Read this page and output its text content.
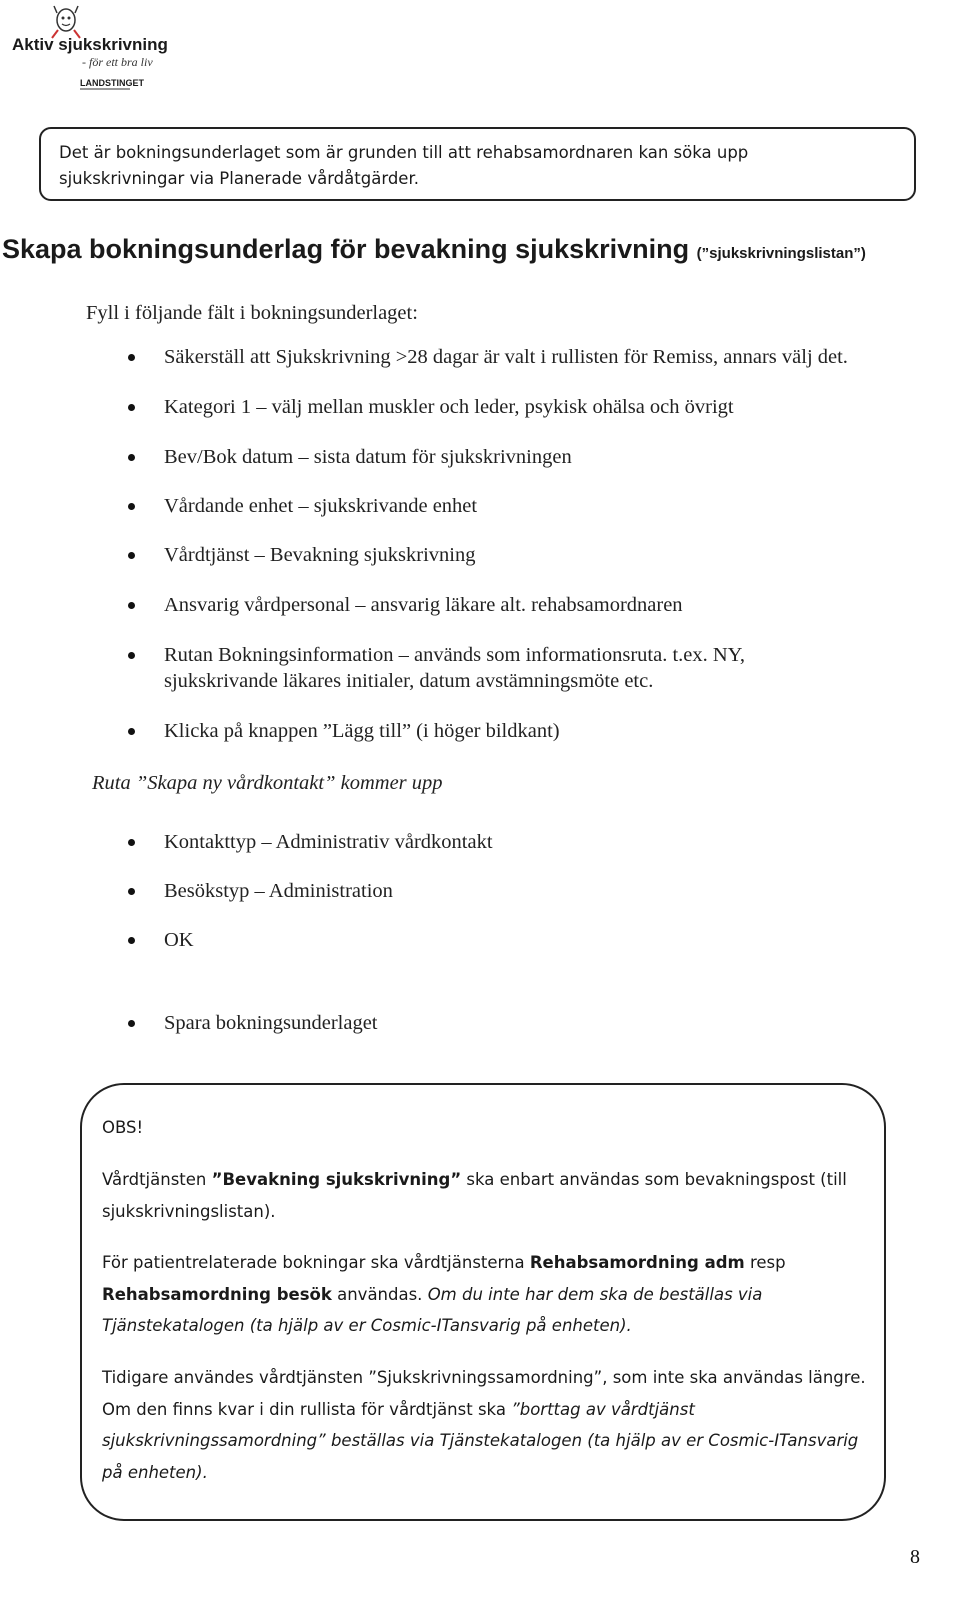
Aktiv sjukskrivning
- för ett bra liv
LANDSTINGET
Det är bokningsunderlaget som är grunden till att rehabsamordnaren kan söka upp
sjukskrivningar via Planerade vårdåtgärder.
Skapa bokningsunderlag för bevakning sjukskrivning (”sjukskrivningslistan”)
Fyll i följande fält i bokningsunderlaget:
Säkerställ att Sjukskrivning >28 dagar är valt i rullisten för Remiss, annars välj det.
Kategori 1 – välj mellan muskler och leder, psykisk ohälsa och övrigt
Bev/Bok datum – sista datum för sjukskrivningen
Vårdande enhet – sjukskrivande enhet
Vårdtjänst – Bevakning sjukskrivning
Ansvarig vårdpersonal – ansvarig läkare alt. rehabsamordnaren
Rutan Bokningsinformation – används som informationsruta. t.ex. NY, sjukskrivande läkares initialer, datum avstämningsmöte etc.
Klicka på knappen ”Lägg till” (i höger bildkant)
Ruta ”Skapa ny vårdkontakt” kommer upp
Kontakttyp – Administrativ vårdkontakt
Besökstyp – Administration
OK
Spara bokningsunderlaget

OBS!

Vårdtjänsten ”Bevakning sjukskrivning” ska enbart användas som bevakningspost (till sjukskrivningslistan).

För patientrelaterade bokningar ska vårdtjänsterna Rehabsamordning adm resp Rehabsamordning besök användas. Om du inte har dem ska de beställas via Tjänstekatalogen (ta hjälp av er Cosmic-ITansvarig på enheten).

Tidigare användes vårdtjänsten ”Sjukskrivningssamordning”, som inte ska användas längre. Om den finns kvar i din rullista för vårdtjänst ska ”borttag av vårdtjänst sjukskrivningssamordning” beställas via Tjänstekatalogen (ta hjälp av er Cosmic-ITansvarig på enheten).

8
